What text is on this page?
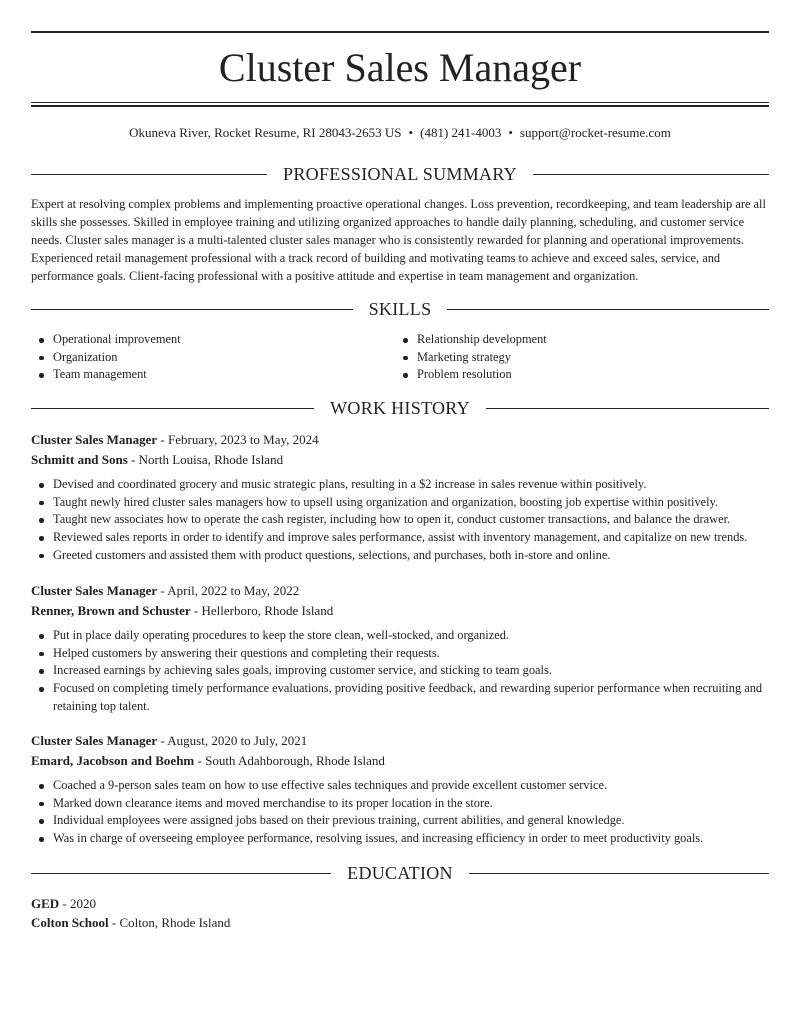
Cluster Sales Manager
Okuneva River, Rocket Resume, RI 28043-2653 US • (481) 241-4003 • support@rocket-resume.com
PROFESSIONAL SUMMARY

Expert at resolving complex problems and implementing proactive operational changes. Loss prevention, recordkeeping, and team leadership are all skills she possesses. Skilled in employee training and utilizing organized approaches to handle daily planning, scheduling, and customer service needs. Cluster sales manager is a multi-talented cluster sales manager who is consistently rewarded for planning and operational improvements. Experienced retail management professional with a track record of building and motivating teams to achieve and exceed sales, service, and performance goals. Client-facing professional with a positive attitude and expertise in team management and organization.

SKILLS
Operational improvement
Organization
Team management
Relationship development
Marketing strategy
Problem resolution
WORK HISTORY
Cluster Sales Manager - February, 2023 to May, 2024
Schmitt and Sons - North Louisa, Rhode Island
Devised and coordinated grocery and music strategic plans, resulting in a $2 increase in sales revenue within positively.
Taught newly hired cluster sales managers how to upsell using organization and organization, boosting job expertise within positively.
Taught new associates how to operate the cash register, including how to open it, conduct customer transactions, and balance the drawer.
Reviewed sales reports in order to identify and improve sales performance, assist with inventory management, and capitalize on new trends.
Greeted customers and assisted them with product questions, selections, and purchases, both in-store and online.
Cluster Sales Manager - April, 2022 to May, 2022
Renner, Brown and Schuster - Hellerboro, Rhode Island
Put in place daily operating procedures to keep the store clean, well-stocked, and organized.
Helped customers by answering their questions and completing their requests.
Increased earnings by achieving sales goals, improving customer service, and sticking to team goals.
Focused on completing timely performance evaluations, providing positive feedback, and rewarding superior performance when recruiting and retaining top talent.
Cluster Sales Manager - August, 2020 to July, 2021
Emard, Jacobson and Boehm - South Adahborough, Rhode Island
Coached a 9-person sales team on how to use effective sales techniques and provide excellent customer service.
Marked down clearance items and moved merchandise to its proper location in the store.
Individual employees were assigned jobs based on their previous training, current abilities, and general knowledge.
Was in charge of overseeing employee performance, resolving issues, and increasing efficiency in order to meet productivity goals.
EDUCATION
GED - 2020
Colton School - Colton, Rhode Island
